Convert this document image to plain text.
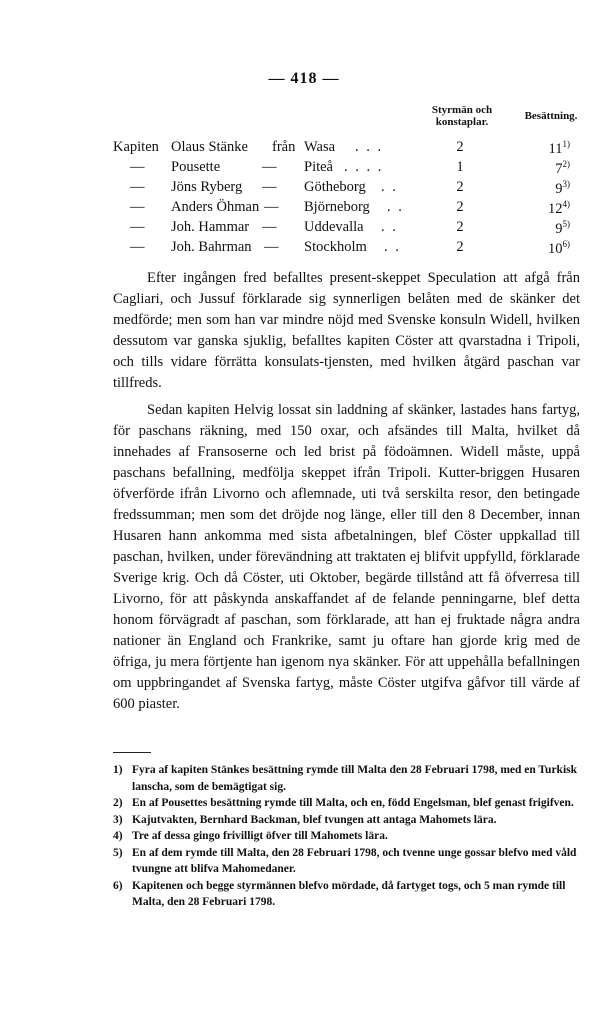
— 418 —
Styrmän och konstaplar.	Besättning.
Kapiten Olaus Stänke från Wasa . . .	2	11$^{1)}$
— Pousette	— Piteå . . . .	1	7$^{2)}$
— Jöns Ryberg — Götheborg . .	2	9$^{3)}$
— Anders Öhman — Björneborg . .	2	12$^{4)}$
— Joh. Hammar — Uddevalla . .	2	9$^{5)}$
— Joh. Bahrman — Stockholm . .	2	10$^{6)}$

Efter ingången fred befalltes present-skeppet Speculation att afgå från Cagliari, och Jussuf förklarade sig synnerligen belåten med de skänker det medförde; men som han var mindre nöjd med Svenske konsuln Widell, hvilken dessutom var ganska sjuklig, befalltes kapiten Cöster att qvarstadna i Tripoli, och tills vidare förrätta konsulats-tjensten, med hvilken åtgärd paschan var tillfreds.

Sedan kapiten Helvig lossat sin laddning af skänker, lastades hans fartyg, för paschans räkning, med 150 oxar, och afsändes till Malta, hvilket då innehades af Fransoserne och led brist på födoämnen. Widell måste, uppå paschans befallning, medfölja skeppet ifrån Tripoli. Kutter-briggen Husaren öfverförde ifrån Livorno och aflemnade, uti två serskilta resor, den betingade fredssumman; men som det dröjde nog länge, eller till den 8 December, innan Husaren hann ankomma med sista afbetalningen, blef Cöster uppkallad till paschan, hvilken, under förevändning att traktaten ej blifvit uppfylld, förklarade Sverige krig. Och då Cöster, uti Oktober, begärde tillstånd att få öfverresa till Livorno, för att påskynda anskaffandet af de felande penningarne, blef detta honom förvägradt af paschan, som förklarade, att han ej fruktade några andra nationer än England och Frankrike, samt ju oftare han gjorde krig med de öfriga, ju mera förtjente han igenom nya skänker. För att uppehålla befallningen om uppbringandet af Svenska fartyg, måste Cöster utgifva gåfvor till värde af 600 piaster.

1) Fyra af kapiten Stänkes besättning rymde till Malta den 28 Februari 1798, med en Turkisk lanscha, som de bemägtigat sig.
2) En af Pousettes besättning rymde till Malta, och en, född Engelsman, blef genast frigifven.
3) Kajutvakten, Bernhard Backman, blef tvungen att antaga Mahomets lära.
4) Tre af dessa gingo frivilligt öfver till Mahomets lära.
5) En af dem rymde till Malta, den 28 Februari 1798, och tvenne unge gossar blefvo med våld tvungne att blifva Mahomedaner.
6) Kapitenen och begge styrmännen blefvo mördade, då fartyget togs, och 5 man rymde till Malta, den 28 Februari 1798.
